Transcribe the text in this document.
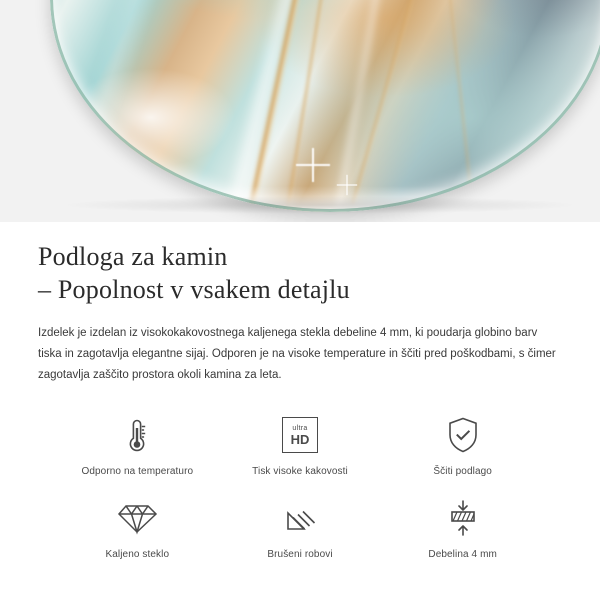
Podloga za kamin
– Popolnost v vsakem detajlu

Izdelek je izdelan iz visokokakovostnega kaljenega stekla debeline 4 mm, ki poudarja globino barv tiska in zagotavlja elegantne sijaj. Odporen je na visoke temperature in ščiti pred poškodbami, s čimer zagotavlja zaščito prostora okoli kamina za leta.

Odporno na temperaturo
ultra
HD
Tisk visoke kakovosti	Ščiti podlago
Kaljeno steklo	Brušeni robovi	Debelina 4 mm
